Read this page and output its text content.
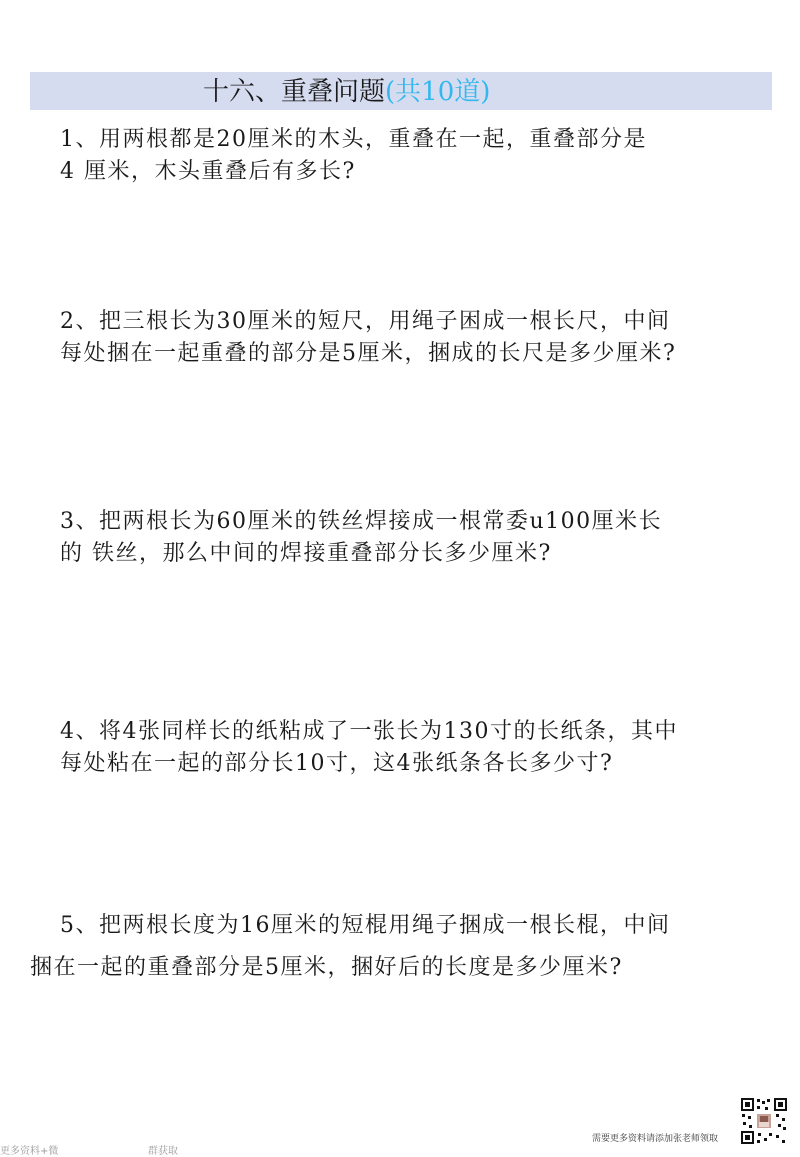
十六、重叠问题(共10道)
1、用两根都是20厘米的木头，重叠在一起，重叠部分是
4 厘米，木头重叠后有多长?
2、把三根长为30厘米的短尺，用绳子困成一根长尺，中间
每处捆在一起重叠的部分是5厘米，捆成的长尺是多少厘米?
3、把两根长为60厘米的铁丝焊接成一根常委u100厘米长
的 铁丝，那么中间的焊接重叠部分长多少厘米?
4、将4张同样长的纸粘成了一张长为130寸的长纸条，其中
每处粘在一起的部分长10寸，这4张纸条各长多少寸?
5、把两根长度为16厘米的短棍用绳子捆成一根长棍，中间
捆在一起的重叠部分是5厘米，捆好后的长度是多少厘米?
更多资料+微	群获取
需要更多资料请添加张老师领取
